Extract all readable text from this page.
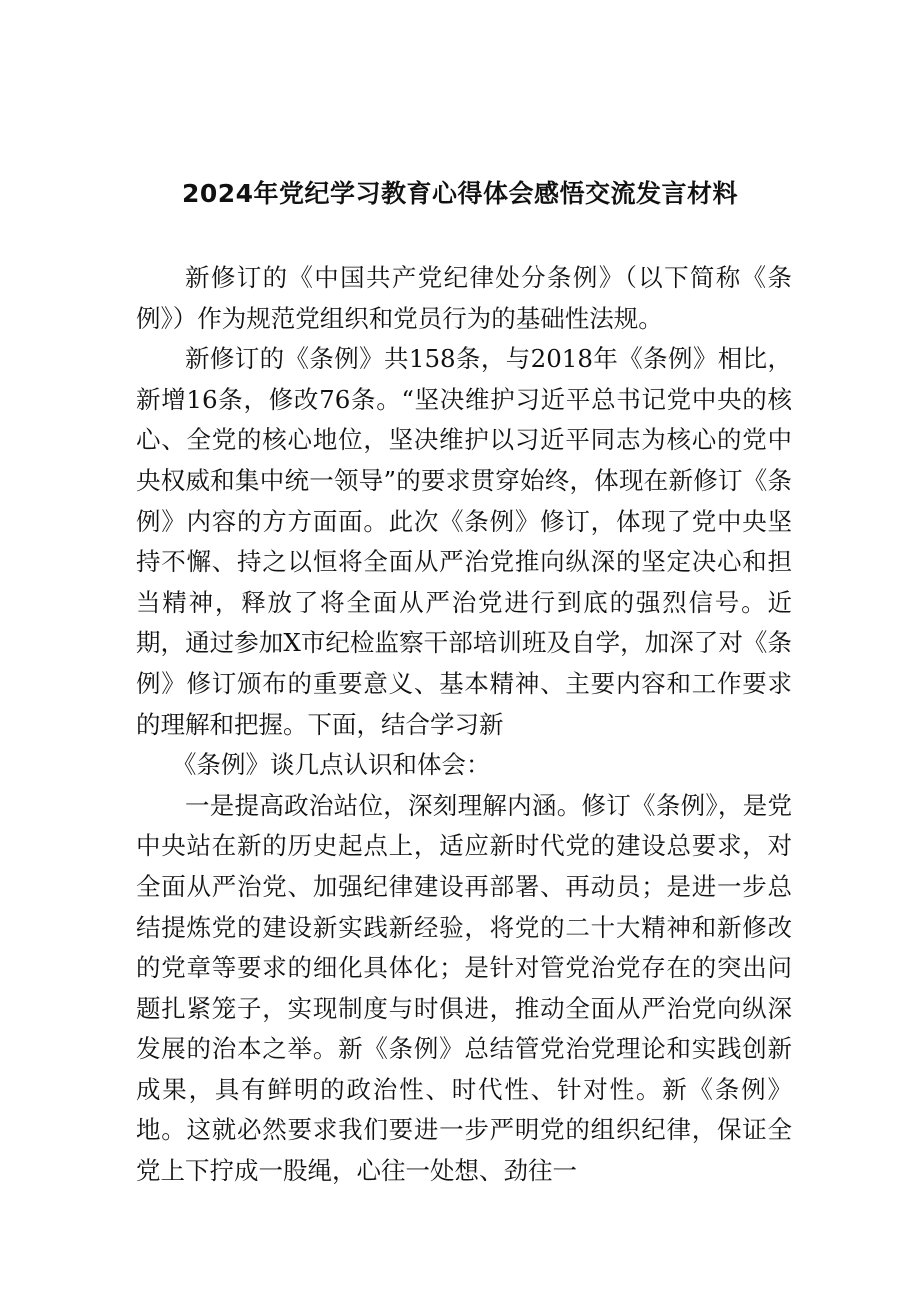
2024年党纪学习教育心得体会感悟交流发言材料

新修订的《中国共产党纪律处分条例》（以下简称《条例》）作为规范党组织和党员行为的基础性法规。

新修订的《条例》共158条，与2018年《条例》相比，新增16条，修改76条。“坚决维护习近平总书记党中央的核心、全党的核心地位，坚决维护以习近平同志为核心的党中央权威和集中统一领导”的要求贯穿始终，体现在新修订《条例》内容的方方面面。此次《条例》修订，体现了党中央坚持不懈、持之以恒将全面从严治党推向纵深的坚定决心和担当精神，释放了将全面从严治党进行到底的强烈信号。近期，通过参加X市纪检监察干部培训班及自学，加深了对《条例》修订颁布的重要意义、基本精神、主要内容和工作要求的理解和把握。下面，结合学习新

《条例》谈几点认识和体会：

一是提高政治站位，深刻理解内涵。修订《条例》，是党中央站在新的历史起点上，适应新时代党的建设总要求，对全面从严治党、加强纪律建设再部署、再动员；是进一步总结提炼党的建设新实践新经验，将党的二十大精神和新修改的党章等要求的细化具体化；是针对管党治党存在的突出问题扎紧笼子，实现制度与时俱进，推动全面从严治党向纵深发展的治本之举。新《条例》总结管党治党理论和实践创新成果，具有鲜明的政治性、时代性、针对性。新《条例》地。这就必然要求我们要进一步严明党的组织纪律，保证全党上下拧成一股绳，心往一处想、劲往一
